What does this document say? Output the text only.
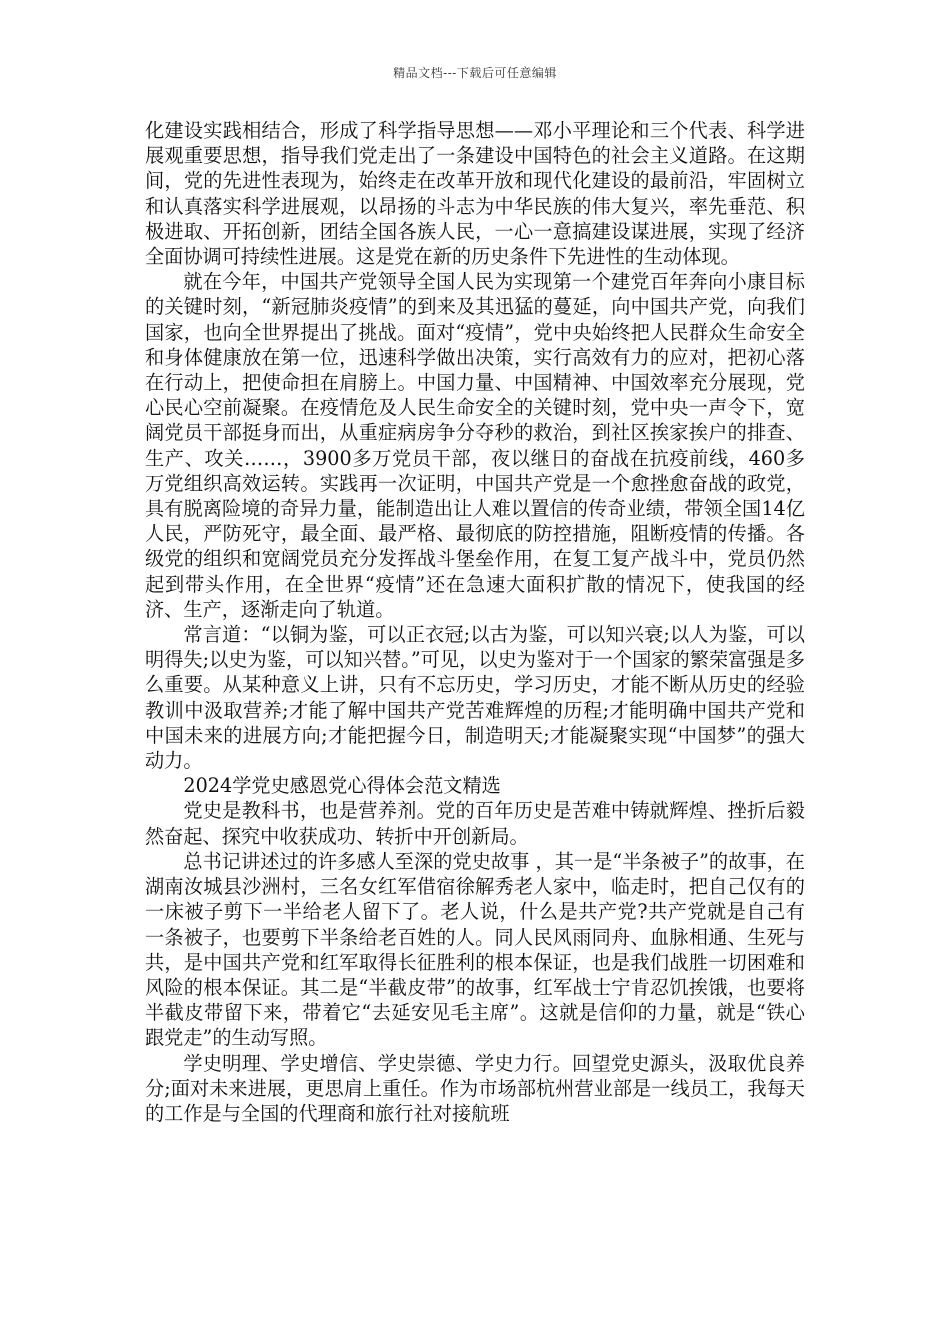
精品文档---下载后可任意编辑

化建设实践相结合，形成了科学指导思想——邓小平理论和三个代表、科学进展观重要思想，指导我们党走出了一条建设中国特色的社会主义道路。在这期间，党的先进性表现为，始终走在改革开放和现代化建设的最前沿，牢固树立和认真落实科学进展观，以昂扬的斗志为中华民族的伟大复兴，率先垂范、积极进取、开拓创新，团结全国各族人民，一心一意搞建设谋进展，实现了经济全面协调可持续性进展。这是党在新的历史条件下先进性的生动体现。

就在今年，中国共产党领导全国人民为实现第一个建党百年奔向小康目标的关键时刻，“新冠肺炎疫情”的到来及其迅猛的蔓延，向中国共产党，向我们国家，也向全世界提出了挑战。面对“疫情”，党中央始终把人民群众生命安全和身体健康放在第一位，迅速科学做出决策，实行高效有力的应对，把初心落在行动上，把使命担在肩膀上。中国力量、中国精神、中国效率充分展现，党心民心空前凝聚。在疫情危及人民生命安全的关键时刻，党中央一声令下，宽阔党员干部挺身而出，从重症病房争分夺秒的救治，到社区挨家挨户的排查、生产、攻关……，3900多万党员干部，夜以继日的奋战在抗疫前线，460多万党组织高效运转。实践再一次证明，中国共产党是一个愈挫愈奋战的政党，具有脱离险境的奇异力量，能制造出让人难以置信的传奇业绩，带领全国14亿人民，严防死守，最全面、最严格、最彻底的防控措施，阻断疫情的传播。各级党的组织和宽阔党员充分发挥战斗堡垒作用，在复工复产战斗中，党员仍然起到带头作用，在全世界“疫情”还在急速大面积扩散的情况下，使我国的经济、生产，逐渐走向了轨道。

常言道：“以铜为鉴，可以正衣冠;以古为鉴，可以知兴衰;以人为鉴，可以明得失;以史为鉴，可以知兴替。”可见，以史为鉴对于一个国家的繁荣富强是多么重要。从某种意义上讲，只有不忘历史，学习历史，才能不断从历史的经验教训中汲取营养;才能了解中国共产党苦难辉煌的历程;才能明确中国共产党和中国未来的进展方向;才能把握今日，制造明天;才能凝聚实现“中国梦”的强大动力。

2024学党史感恩党心得体会范文精选

党史是教科书，也是营养剂。党的百年历史是苦难中铸就辉煌、挫折后毅然奋起、探究中收获成功、转折中开创新局。

总书记讲述过的许多感人至深的党史故事 ，其一是“半条被子”的故事，在湖南汝城县沙洲村，三名女红军借宿徐解秀老人家中，临走时，把自己仅有的一床被子剪下一半给老人留下了。老人说，什么是共产党?共产党就是自己有一条被子，也要剪下半条给老百姓的人。同人民风雨同舟、血脉相通、生死与共，是中国共产党和红军取得长征胜利的根本保证，也是我们战胜一切困难和风险的根本保证。其二是“半截皮带”的故事，红军战士宁肯忍饥挨饿，也要将半截皮带留下来，带着它“去延安见毛主席”。这就是信仰的力量，就是“铁心跟党走”的生动写照。

学史明理、学史增信、学史崇德、学史力行。回望党史源头，汲取优良养分;面对未来进展，更思肩上重任。作为市场部杭州营业部是一线员工，我每天的工作是与全国的代理商和旅行社对接航班
